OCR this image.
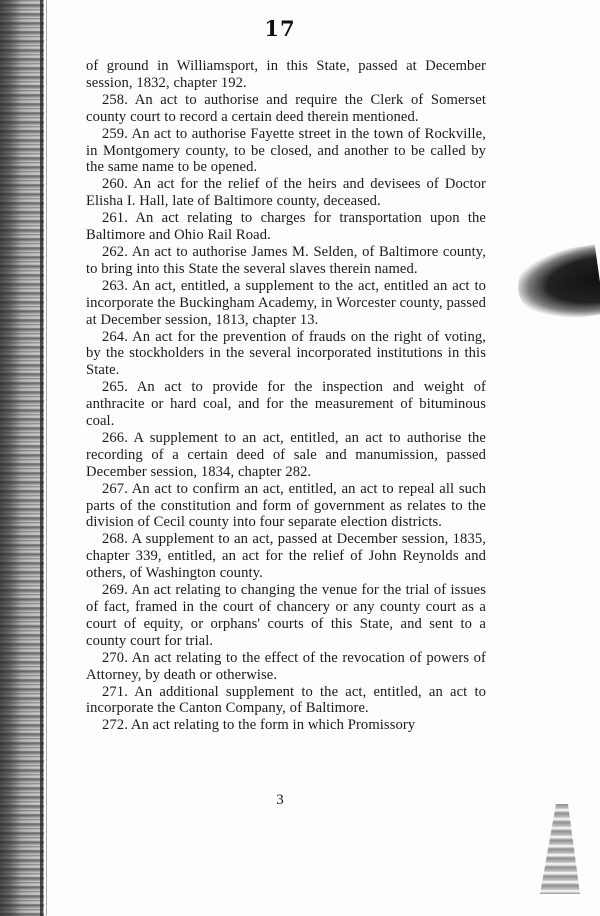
17

of ground in Williamsport, in this State, passed at December session, 1832, chapter 192.

258. An act to authorise and require the Clerk of Somerset county court to record a certain deed therein mentioned.

259. An act to authorise Fayette street in the town of Rockville, in Montgomery county, to be closed, and another to be called by the same name to be opened.

260. An act for the relief of the heirs and devisees of Doctor Elisha I. Hall, late of Baltimore county, deceased.

261. An act relating to charges for transportation upon the Baltimore and Ohio Rail Road.

262. An act to authorise James M. Selden, of Baltimore county, to bring into this State the several slaves therein named.

263. An act, entitled, a supplement to the act, entitled an act to incorporate the Buckingham Academy, in Worcester county, passed at December session, 1813, chapter 13.

264. An act for the prevention of frauds on the right of voting, by the stockholders in the several incorporated institutions in this State.

265. An act to provide for the inspection and weight of anthracite or hard coal, and for the measurement of bituminous coal.

266. A supplement to an act, entitled, an act to authorise the recording of a certain deed of sale and manumission, passed December session, 1834, chapter 282.

267. An act to confirm an act, entitled, an act to repeal all such parts of the constitution and form of government as relates to the division of Cecil county into four separate election districts.

268. A supplement to an act, passed at December session, 1835, chapter 339, entitled, an act for the relief of John Reynolds and others, of Washington county.

269. An act relating to changing the venue for the trial of issues of fact, framed in the court of chancery or any county court as a court of equity, or orphans' courts of this State, and sent to a county court for trial.

270. An act relating to the effect of the revocation of powers of Attorney, by death or otherwise.

271. An additional supplement to the act, entitled, an act to incorporate the Canton Company, of Baltimore.

272. An act relating to the form in which Promissory

3
